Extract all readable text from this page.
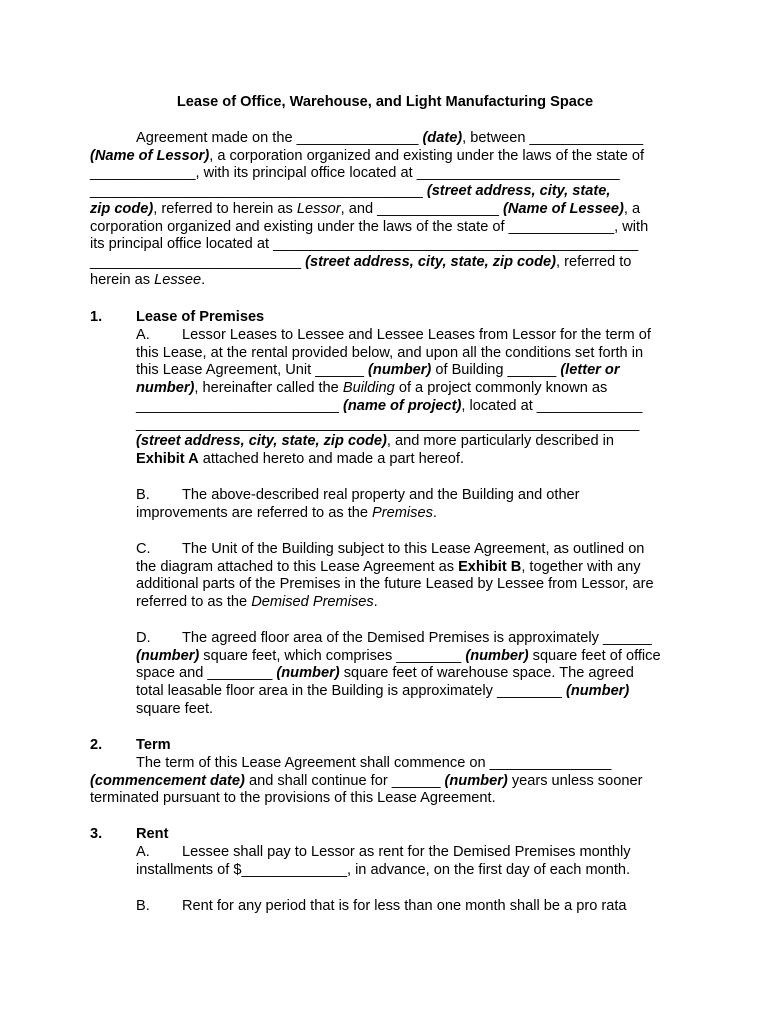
Lease of Office, Warehouse, and Light Manufacturing Space
Agreement made on the _______________ (date), between ______________
(Name of Lessor), a corporation organized and existing under the laws of the state of
_____________, with its principal office located at _________________________
_________________________________________ (street address, city, state,
zip code), referred to herein as Lessor, and _______________ (Name of Lessee), a
corporation organized and existing under the laws of the state of _____________, with
its principal office located at _____________________________________________
__________________________ (street address, city, state, zip code), referred to
herein as Lessee.
1. Lease of Premises
A. Lessor Leases to Lessee and Lessee Leases from Lessor for the term of
this Lease, at the rental provided below, and upon all the conditions set forth in
this Lease Agreement, Unit ______ (number) of Building ______ (letter or
number), hereinafter called the Building of a project commonly known as
_________________________ (name of project), located at _____________
______________________________________________________________
(street address, city, state, zip code), and more particularly described in
Exhibit A attached hereto and made a part hereof.
B. The above-described real property and the Building and other
improvements are referred to as the Premises.
C. The Unit of the Building subject to this Lease Agreement, as outlined on
the diagram attached to this Lease Agreement as Exhibit B, together with any
additional parts of the Premises in the future Leased by Lessee from Lessor, are
referred to as the Demised Premises.
D. The agreed floor area of the Demised Premises is approximately ______
(number) square feet, which comprises ________ (number) square feet of office
space and ________ (number) square feet of warehouse space. The agreed
total leasable floor area in the Building is approximately ________ (number)
square feet.
2. Term
The term of this Lease Agreement shall commence on _______________
(commencement date) and shall continue for ______ (number) years unless sooner
terminated pursuant to the provisions of this Lease Agreement.
3. Rent
A. Lessee shall pay to Lessor as rent for the Demised Premises monthly
installments of $_____________, in advance, on the first day of each month.
B. Rent for any period that is for less than one month shall be a pro rata
